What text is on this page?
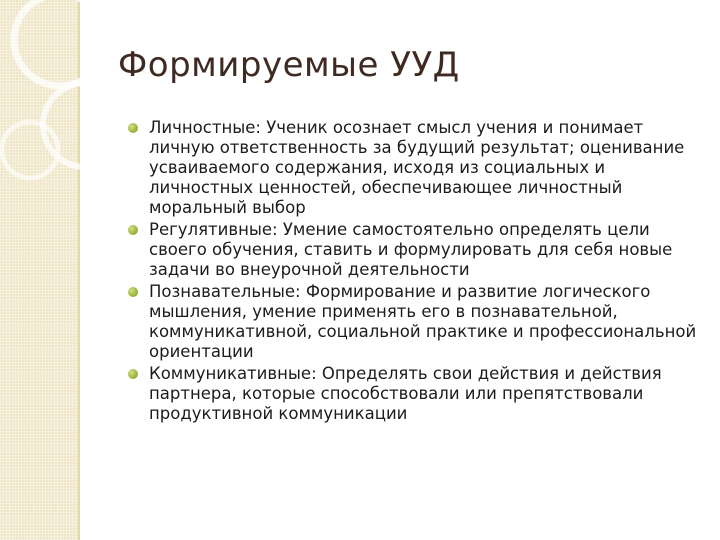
Формируемые УУД
Личностные: Ученик осознает смысл учения и понимает личную ответственность за будущий результат; оценивание усваиваемого содержания, исходя из социальных и личностных ценностей, обеспечивающее личностный моральный выбор
Регулятивные: Умение самостоятельно определять цели своего обучения, ставить и формулировать для себя новые задачи во внеурочной деятельности
Познавательные: Формирование и развитие логического мышления, умение применять его в познавательной, коммуникативной, социальной практике и профессиональной ориентации
Коммуникативные: Определять свои действия и действия партнера, которые способствовали или препятствовали продуктивной коммуникации
